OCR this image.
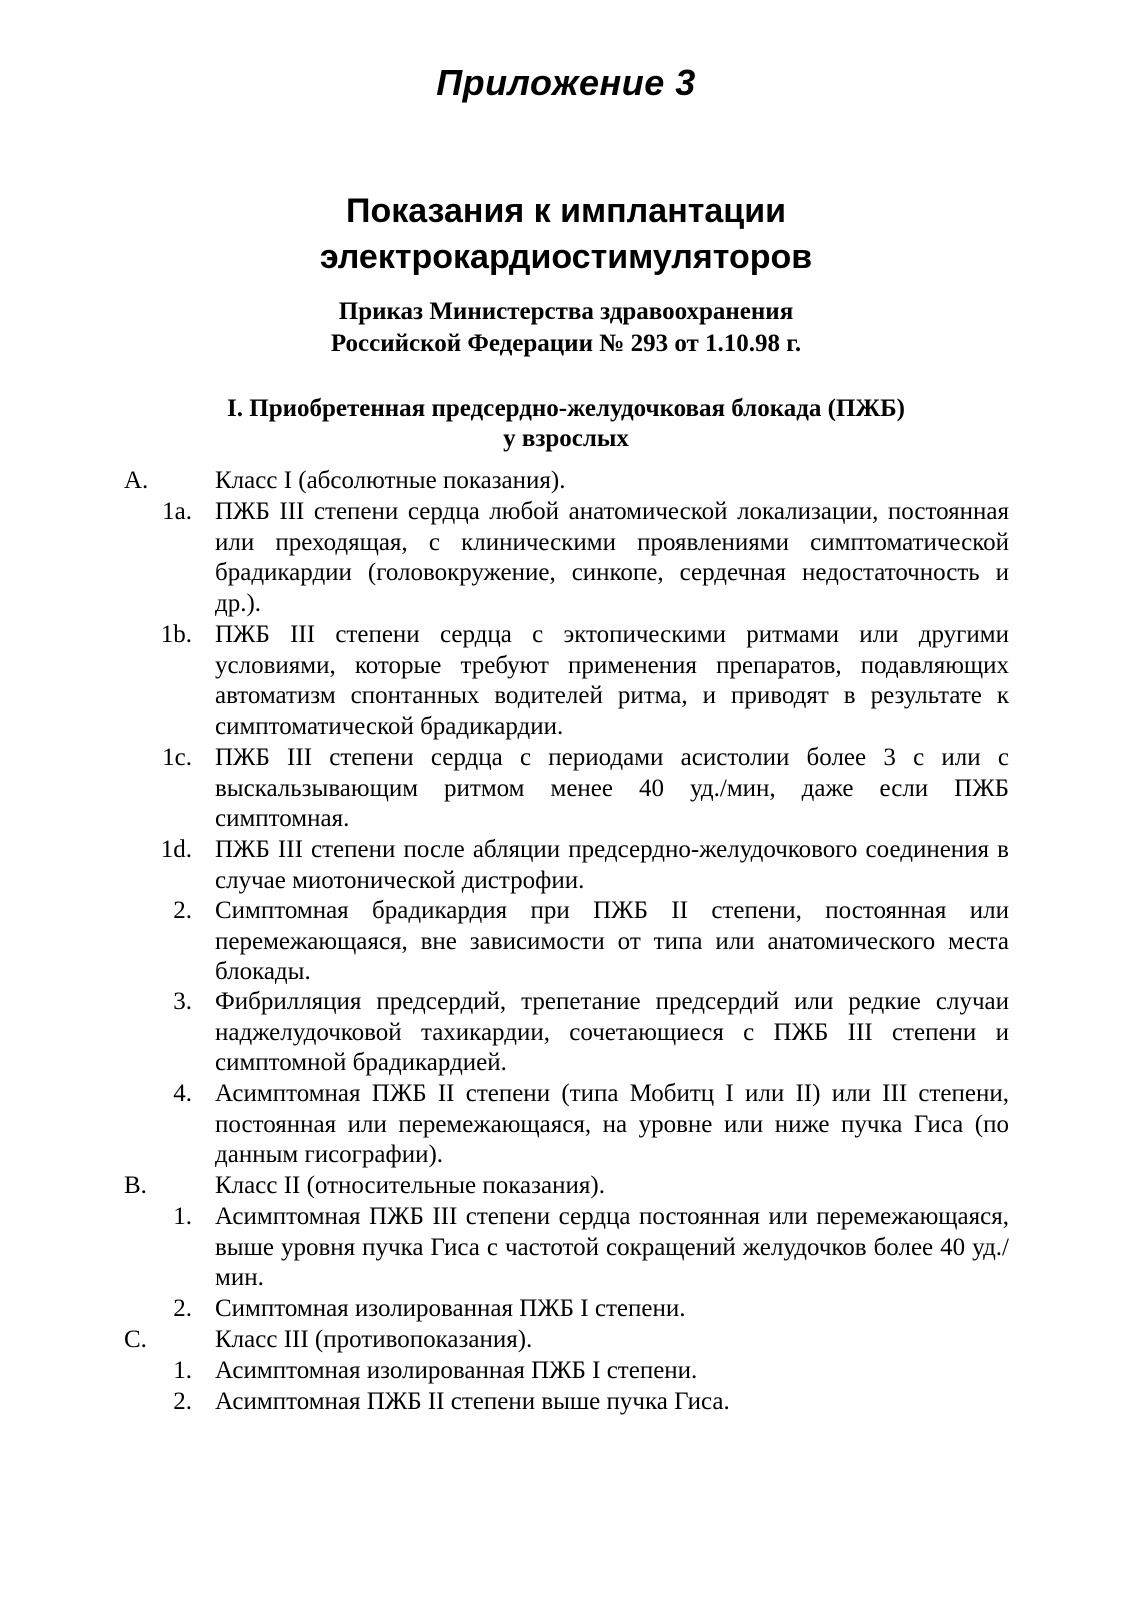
Приложение 3
Показания к имплантации
электрокардиостимуляторов
Приказ Министерства здравоохранения
Российской Федерации № 293 от 1.10.98 г.
I. Приобретенная предсердно-желудочковая блокада (ПЖБ)
у взрослых
A.	Класс I (абсолютные показания).
1a. ПЖБ III степени сердца любой анатомической локализации, постоянная или преходящая, с клиническими проявлениями симптоматической брадикардии (головокружение, синкопе, сердечная недостаточность и др.).
1b. ПЖБ III степени сердца с эктопическими ритмами или другими условиями, которые требуют применения препаратов, подавляющих автоматизм спонтанных водителей ритма, и приводят в результате к симптоматической брадикардии.
1c. ПЖБ III степени сердца с периодами асистолии более 3 с или с выскальзывающим ритмом менее 40 уд./мин, даже если ПЖБ симптомная.
1d. ПЖБ III степени после абляции предсердно-желудочкового соединения в случае миотонической дистрофии.
2. Симптомная брадикардия при ПЖБ II степени, постоянная или перемежающаяся, вне зависимости от типа или анатомического места блокады.
3. Фибрилляция предсердий, трепетание предсердий или редкие случаи наджелудочковой тахикардии, сочетающиеся с ПЖБ III степени и симптомной брадикардией.
4. Асимптомная ПЖБ II степени (типа Мобитц I или II) или III степени, постоянная или перемежающаяся, на уровне или ниже пучка Гиса (по данным гисографии).
B.	Класс II (относительные показания).
1. Асимптомная ПЖБ III степени сердца постоянная или перемежающаяся, выше уровня пучка Гиса с частотой сокращений желудочков более 40 уд./мин.
2. Симптомная изолированная ПЖБ I степени.
C.	Класс III (противопоказания).
1. Асимптомная изолированная ПЖБ I степени.
2. Асимптомная ПЖБ II степени выше пучка Гиса.
